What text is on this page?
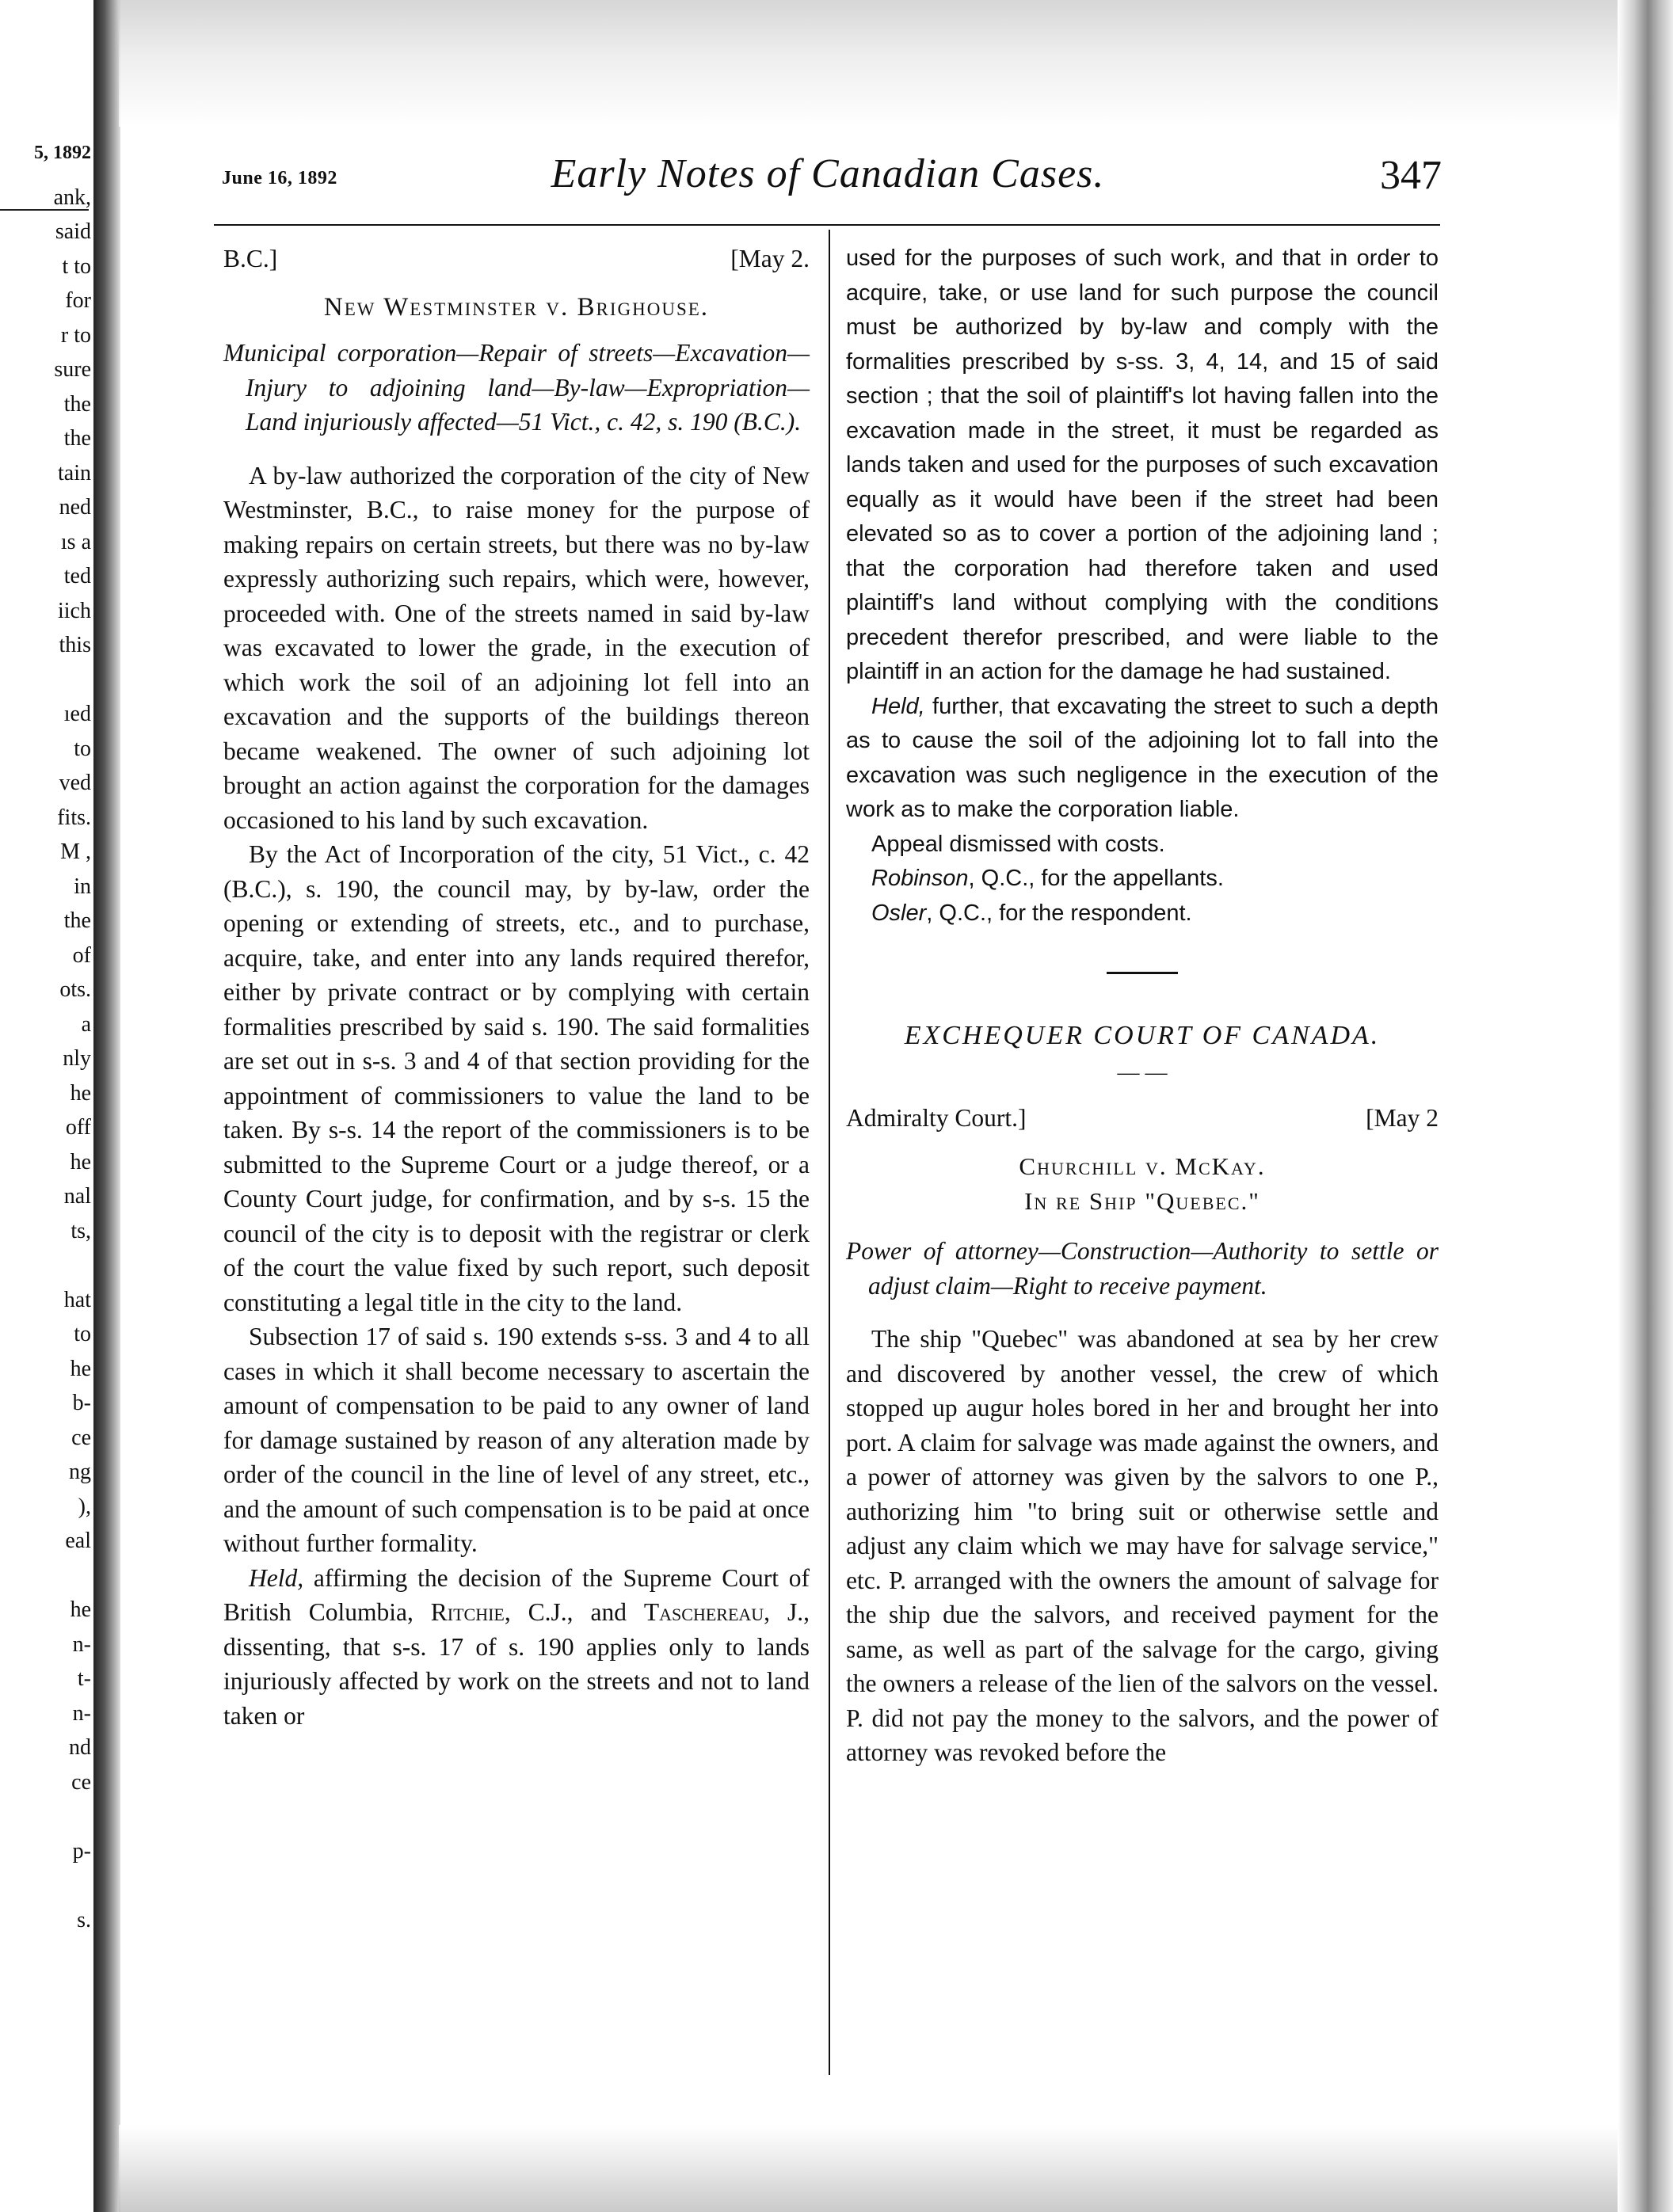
5, 1892
ank,
said
t to
for
r to
sure
the
the
tain
ned
ıs a
ted
iich
this
ıed
to
ved
fits.
M ,
in
the
of
ots.
a
nly
he
off
he
nal
ts,
hat
to
he
b-
ce
ng
),
eal
he
n-
t-
n-
nd
ce
p-
s.
June 16, 1892	Early Notes of Canadian Cases.	347
B.C.]	[May 2.
New Westminster v. Brighouse.
Municipal corporation—Repair of streets—Excavation—Injury to adjoining land—By-law—Expropriation—Land injuriously affected—51 Vict., c. 42, s. 190 (B.C.).

A by-law authorized the corporation of the city of New Westminster, B.C., to raise money for the purpose of making repairs on certain streets, but there was no by-law expressly authorizing such repairs, which were, however, proceeded with. One of the streets named in said by-law was excavated to lower the grade, in the execution of which work the soil of an adjoining lot fell into an excavation and the supports of the buildings thereon became weakened. The owner of such adjoining lot brought an action against the corporation for the damages occasioned to his land by such excavation.

By the Act of Incorporation of the city, 51 Vict., c. 42 (B.C.), s. 190, the council may, by by-law, order the opening or extending of streets, etc., and to purchase, acquire, take, and enter into any lands required therefor, either by private contract or by complying with certain formalities prescribed by said s. 190. The said formalities are set out in s-s. 3 and 4 of that section providing for the appointment of commissioners to value the land to be taken. By s-s. 14 the report of the commissioners is to be submitted to the Supreme Court or a judge thereof, or a County Court judge, for confirmation, and by s-s. 15 the council of the city is to deposit with the registrar or clerk of the court the value fixed by such report, such deposit constituting a legal title in the city to the land.

Subsection 17 of said s. 190 extends s-ss. 3 and 4 to all cases in which it shall become necessary to ascertain the amount of compensation to be paid to any owner of land for damage sustained by reason of any alteration made by order of the council in the line of level of any street, etc., and the amount of such compensation is to be paid at once without further formality.

Held, affirming the decision of the Supreme Court of British Columbia, Ritchie, C.J., and Taschereau, J., dissenting, that s-s. 17 of s. 190 applies only to lands injuriously affected by work on the streets and not to land taken or

used for the purposes of such work, and that in order to acquire, take, or use land for such purpose the council must be authorized by by-law and comply with the formalities prescribed by s-ss. 3, 4, 14, and 15 of said section ; that the soil of plaintiff's lot having fallen into the excavation made in the street, it must be regarded as lands taken and used for the purposes of such excavation equally as it would have been if the street had been elevated so as to cover a portion of the adjoining land ; that the corporation had therefore taken and used plaintiff's land without complying with the conditions precedent therefor prescribed, and were liable to the plaintiff in an action for the damage he had sustained.

Held, further, that excavating the street to such a depth as to cause the soil of the adjoining lot to fall into the excavation was such negligence in the execution of the work as to make the corporation liable.

Appeal dismissed with costs.

Robinson, Q.C., for the appellants.

Osler, Q.C., for the respondent.

EXCHEQUER COURT OF CANADA.
— —
Admiralty Court.]	[May 2
Churchill v. McKay.
In re Ship "Quebec."
Power of attorney—Construction—Authority to settle or adjust claim—Right to receive payment.

The ship "Quebec" was abandoned at sea by her crew and discovered by another vessel, the crew of which stopped up augur holes bored in her and brought her into port. A claim for salvage was made against the owners, and a power of attorney was given by the salvors to one P., authorizing him "to bring suit or otherwise settle and adjust any claim which we may have for salvage service," etc. P. arranged with the owners the amount of salvage for the ship due the salvors, and received payment for the same, as well as part of the salvage for the cargo, giving the owners a release of the lien of the salvors on the vessel. P. did not pay the money to the salvors, and the power of attorney was revoked before the
